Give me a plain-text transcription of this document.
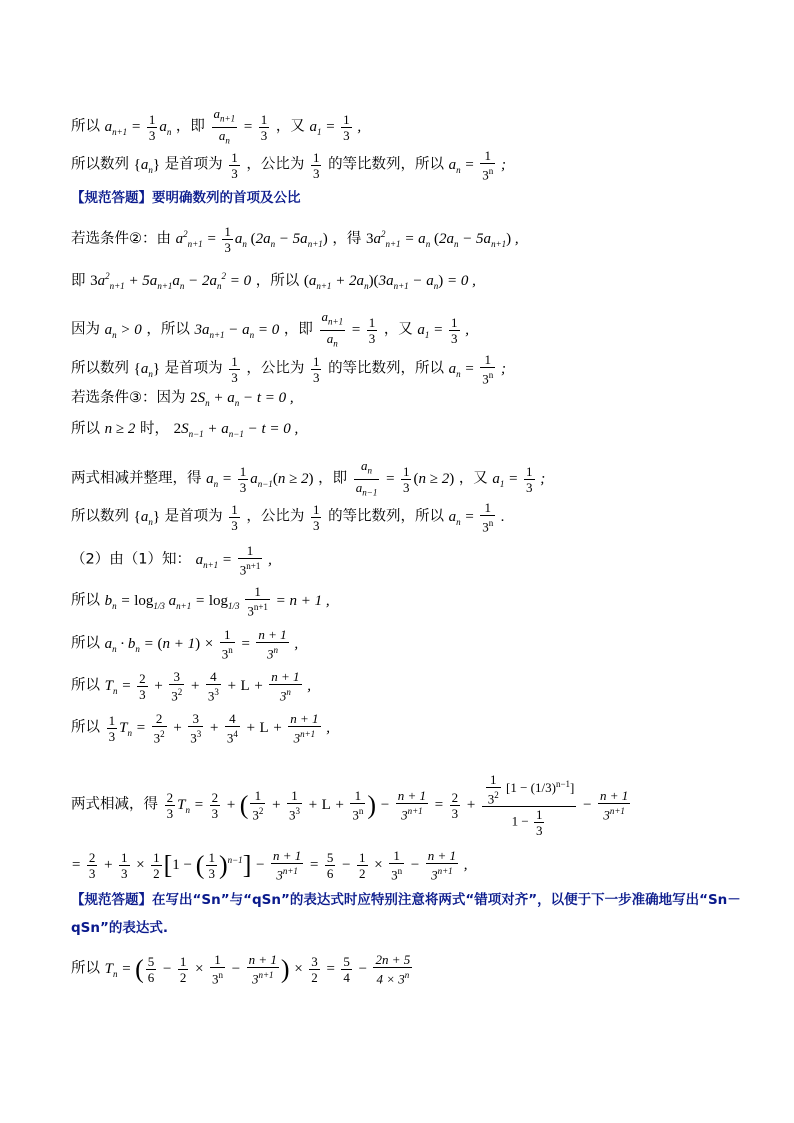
所以 $a_{n+1} = \frac{1}{3} a_n$ ，即 $\frac{a_{n+1}}{a_n} = \frac{1}{3}$ ，又 $a_1 = \frac{1}{3}$ ,
所以数列 $\{a_n\}$ 是首项为 $\frac{1}{3}$ ，公比为 $\frac{1}{3}$ 的等比数列，所以 $a_n = \frac{1}{3^n}$ ;
【规范答题】要明确数列的首项及公比
若选条件②：由 $a^2_{n+1} = \frac{1}{3} a_n$ $(2a_n - 5a_{n+1})$ ，得 $3a^2_{n+1} = a_n$ $(2a_n - 5a_{n+1})$ ,
即 $3a^2_{n+1} + 5a_{n+1}a_n - 2a_n^2 = 0$ ，所以 $(a_{n+1} + 2a_n)(3a_{n+1} - a_n) = 0$ ,
因为 $a_n > 0$ ，所以 $3a_{n+1} - a_n = 0$ ，即 $\frac{a_{n+1}}{a_n} = \frac{1}{3}$ ，又 $a_1 = \frac{1}{3}$ ,
所以数列 $\{a_n\}$ 是首项为 $\frac{1}{3}$ ，公比为 $\frac{1}{3}$ 的等比数列，所以 $a_n = \frac{1}{3^n}$ ;
若选条件③：因为 $2S_n + a_n - t = 0$ ,
所以 n ≥ 2 时， $2S_{n-1} + a_{n-1} - t = 0$ ,
两式相减并整理，得 $a_n = \frac{1}{3} a_{n-1}(n \ge 2)$ ，即 $\frac{a_n}{a_{n-1}} = \frac{1}{3} (n \ge 2)$ ，又 $a_1 = \frac{1}{3}$ ;
所以数列 $\{a_n\}$ 是首项为 $\frac{1}{3}$ ，公比为 $\frac{1}{3}$ 的等比数列，所以 $a_n = \frac{1}{3^n}$ .
（2）由（1）知： $a_{n+1} = \frac{1}{3^{n+1}}$ ,
所以 $b_n = \log_{1/3} a_{n+1} = \log_{1/3} \frac{1}{3^{n+1}} = n + 1$ ,
所以 $a_n \cdot b_n = (n + 1) \times \frac{1}{3^n} = \frac{n + 1}{3^n}$ ,
所以 $T_n = \frac{2}{3} + \frac{3}{3^2} + \frac{4}{3^3} + L + \frac{n + 1}{3^n}$ ,
所以 $\frac{1}{3} T_n = \frac{2}{3^2} + \frac{3}{3^3} + \frac{4}{3^4} + L + \frac{n + 1}{3^{n+1}}$ ,
两式相减，得 $\frac{2}{3} T_n = \frac{2}{3}$ + ( $\frac{1}{3^2} + \frac{1}{3^3} + L + \frac{1}{3^n}$ ) − $\frac{n + 1}{3^{n+1}} = \frac{2}{3} + \frac{\frac{1}{3^2} [1 - (1/3)^{n-1}]}{1 - \frac{1}{3}} - \frac{n + 1}{3^{n+1}}$
= $\frac{2}{3} + \frac{1}{3} \times \frac{1}{2} [1$ − ( $\frac{1}{3} )^{n-1}] - \frac{n + 1}{3^{n+1}} = \frac{5}{6} - \frac{1}{2} \times \frac{1}{3^n} - \frac{n + 1}{3^{n+1}}$ ,
【规范答题】在写出“Sn”与“qSn”的表达式时应特别注意将两式“错项对齐”，以便于下一步准确地写出“Sn－
qSn”的表达式.
所以 $T_n$ = ( $\frac{5}{6} - \frac{1}{2} \times \frac{1}{3^n} - \frac{n + 1}{3^{n+1}}$ ) × $\frac{3}{2} = \frac{5}{4} - \frac{2n + 5}{4 \times 3^n}$
